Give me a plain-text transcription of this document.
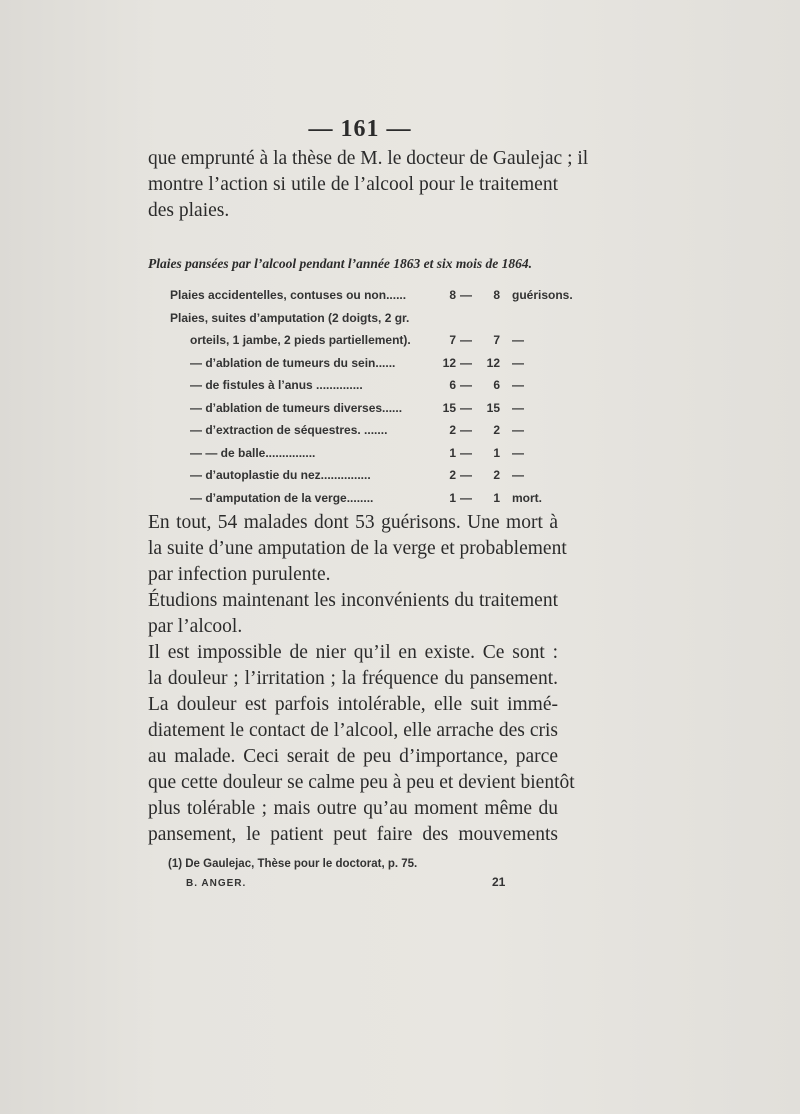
— 161 —
que emprunté à la thèse de M. le docteur de Gaulejac ; il
montre l’action si utile de l’alcool pour le traitement
des plaies.
Plaies pansées par l’alcool pendant l’année 1863 et six mois de 1864.
Plaies accidentelles, contuses ou non......	8 —	8 guérisons.
Plaies, suites d’amputation (2 doigts, 2 gr.
orteils, 1 jambe, 2 pieds partiellement).	7 —	7 —
— d’ablation de tumeurs du sein......	12 — 12 —
— de fistules à l’anus ..............	6 —	6 —
— d’ablation de tumeurs diverses......	15 — 15 —
— d’extraction de séquestres. .......	2 —	2 —
— — de balle...............	1 —	1 —
— d’autoplastie du nez...............	2 —	2 —
— d’amputation de la verge........	1 —	1 mort.
En tout, 54 malades dont 53 guérisons. Une mort à
la suite d’une amputation de la verge et probablement
par infection purulente.
Étudions maintenant les inconvénients du traitement
par l’alcool.
Il est impossible de nier qu’il en existe. Ce sont :
la douleur ; l’irritation ; la fréquence du pansement.
La douleur est parfois intolérable, elle suit immé-
diatement le contact de l’alcool, elle arrache des cris
au malade. Ceci serait de peu d’importance, parce
que cette douleur se calme peu à peu et devient bientôt
plus tolérable ; mais outre qu’au moment même du
pansement, le patient peut faire des mouvements
(1) De Gaulejac, Thèse pour le doctorat, p. 75.
B. ANGER.	21
